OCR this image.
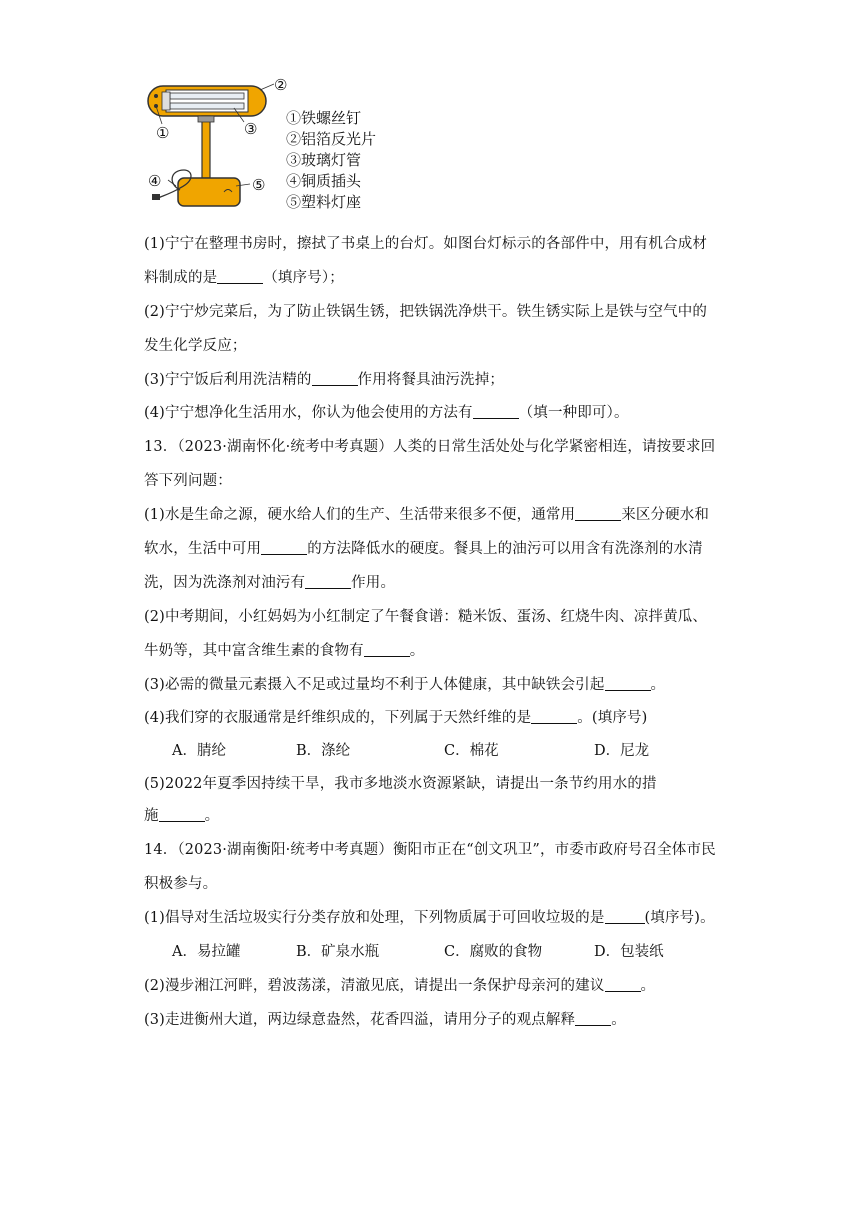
①
②
③
④	⑤
①铁螺丝钉
②铝箔反光片
③玻璃灯管
④铜质插头
⑤塑料灯座
(1)宁宁在整理书房时，擦拭了书桌上的台灯。如图台灯标示的各部件中，用有机合成材
料制成的是	（填序号）；
(2)宁宁炒完菜后，为了防止铁锅生锈，把铁锅洗净烘干。铁生锈实际上是铁与空气中的
发生化学反应；
(3)宁宁饭后利用洗洁精的	作用将餐具油污洗掉；
(4)宁宁想净化生活用水，你认为他会使用的方法有	（填一种即可）。
13．（2023·湖南怀化·统考中考真题）人类的日常生活处处与化学紧密相连，请按要求回
答下列问题：
(1)水是生命之源，硬水给人们的生产、生活带来很多不便，通常用	来区分硬水和
软水，生活中可用	的方法降低水的硬度。餐具上的油污可以用含有洗涤剂的水清
洗，因为洗涤剂对油污有	作用。
(2)中考期间，小红妈妈为小红制定了午餐食谱：糙米饭、蛋汤、红烧牛肉、凉拌黄瓜、
牛奶等，其中富含维生素的食物有	。
(3)必需的微量元素摄入不足或过量均不利于人体健康，其中缺铁会引起	。
(4)我们穿的衣服通常是纤维织成的，下列属于天然纤维的是	。(填序号)
A．腈纶	B．涤纶	C．棉花	D．尼龙
(5)2022年夏季因持续干旱，我市多地淡水资源紧缺，请提出一条节约用水的措
施	。
14．（2023·湖南衡阳·统考中考真题）衡阳市正在“创文巩卫”，市委市政府号召全体市民
积极参与。
(1)倡导对生活垃圾实行分类存放和处理，下列物质属于可回收垃圾的是	(填序号)。
A．易拉罐	B．矿泉水瓶	C．腐败的食物	D．包装纸
(2)漫步湘江河畔，碧波荡漾，清澈见底，请提出一条保护母亲河的建议 。
(3)走进衡州大道，两边绿意盎然，花香四溢，请用分子的观点解释 。
